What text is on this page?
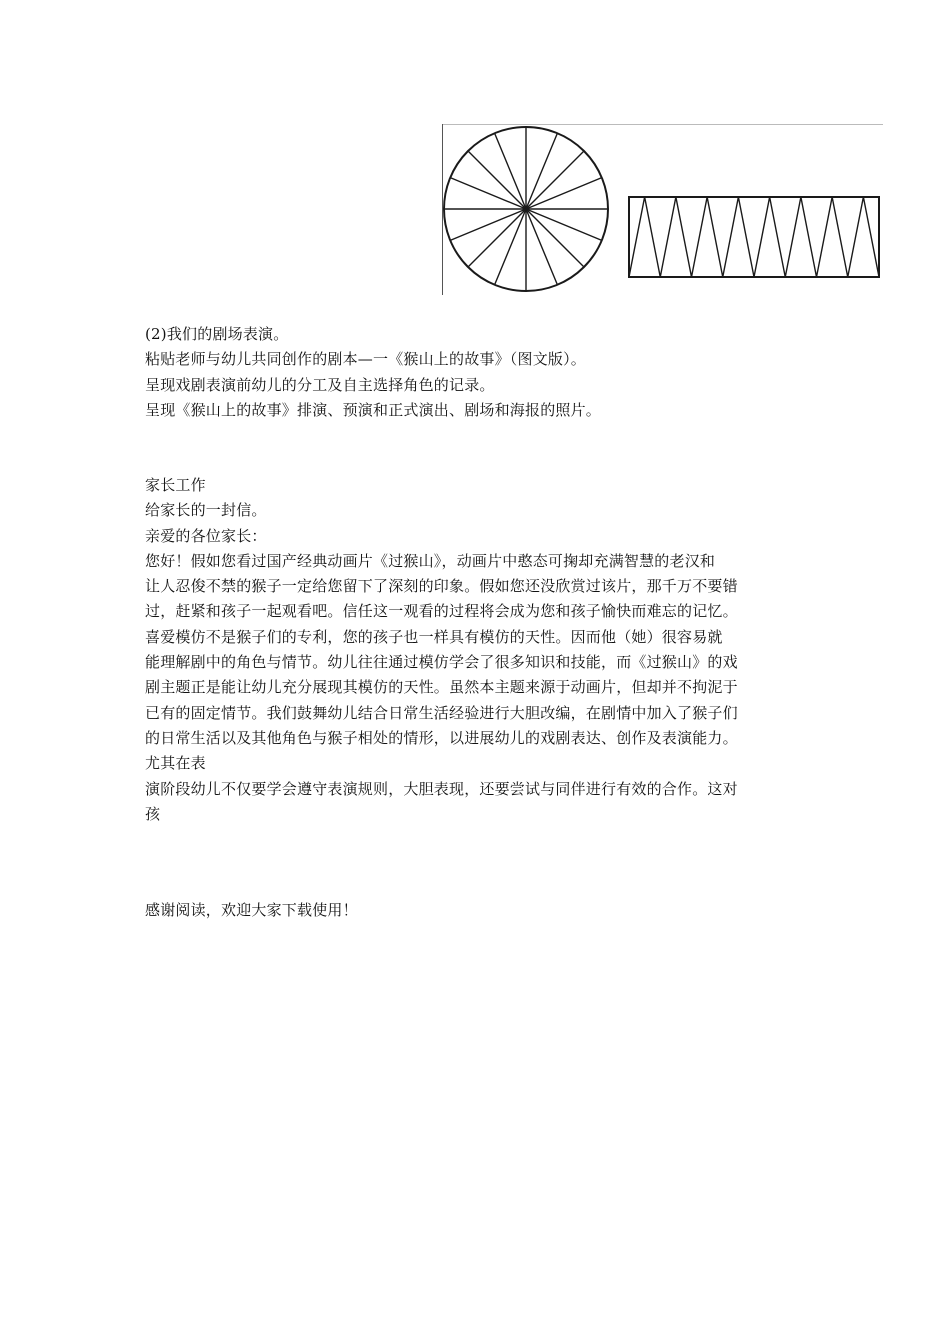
(2)我们的剧场表演。
粘贴老师与幼儿共同创作的剧本—一《猴山上的故事》（图文版）。
呈现戏剧表演前幼儿的分工及自主选择角色的记录。
呈现《猴山上的故事》排演、预演和正式演出、剧场和海报的照片。
家长工作
给家长的一封信。
亲爱的各位家长：
您好！假如您看过国产经典动画片《过猴山》，动画片中憨态可掬却充满智慧的老汉和
让人忍俊不禁的猴子一定给您留下了深刻的印象。假如您还没欣赏过该片，那千万不要错
过，赶紧和孩子一起观看吧。信任这一观看的过程将会成为您和孩子愉快而难忘的记忆。
喜爱模仿不是猴子们的专利，您的孩子也一样具有模仿的天性。因而他（她）很容易就
能理解剧中的角色与情节。幼儿往往通过模仿学会了很多知识和技能，而《过猴山》的戏
剧主题正是能让幼儿充分展现其模仿的天性。虽然本主题来源于动画片，但却并不拘泥于
已有的固定情节。我们鼓舞幼儿结合日常生活经验进行大胆改编，在剧情中加入了猴子们
的日常生活以及其他角色与猴子相处的情形，以进展幼儿的戏剧表达、创作及表演能力。
尤其在表
演阶段幼儿不仅要学会遵守表演规则，大胆表现，还要尝试与同伴进行有效的合作。这对
孩
感谢阅读，欢迎大家下载使用！
